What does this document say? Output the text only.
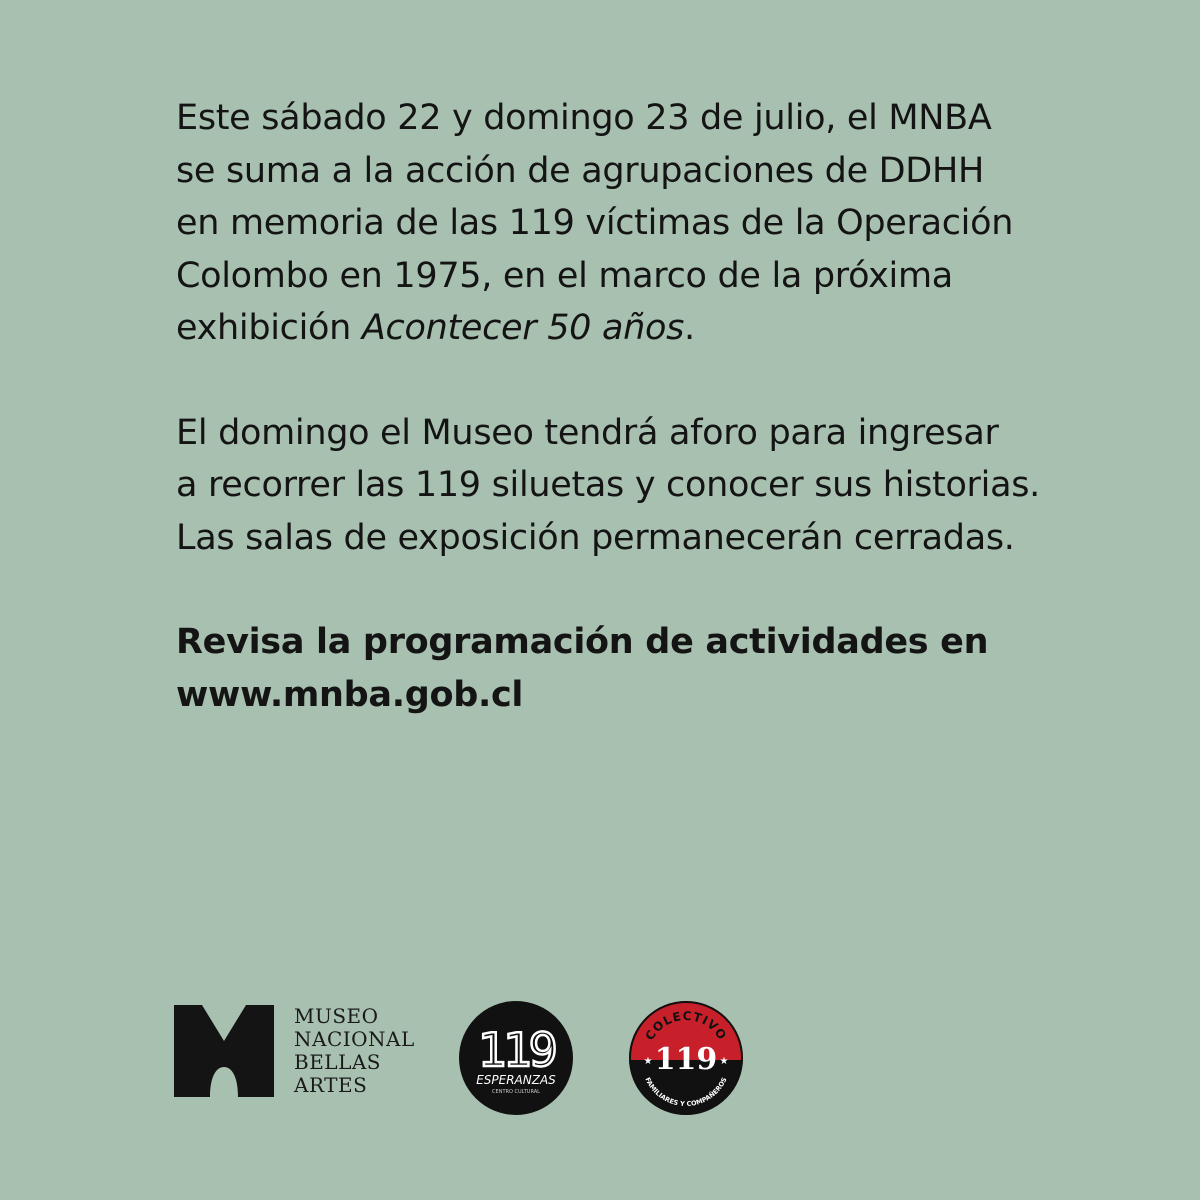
Este sábado 22 y domingo 23 de julio, el MNBA
se suma a la acción de agrupaciones de DDHH
en memoria de las 119 víctimas de la Operación
Colombo en 1975, en el marco de la próxima
exhibición Acontecer 50 años.

El domingo el Museo tendrá aforo para ingresar
a recorrer las 119 siluetas y conocer sus historias.
Las salas de exposición permanecerán cerradas.

Revisa la programación de actividades en
www.mnba.gob.cl

MUSEO
NACIONAL
BELLAS
ARTES
119
ESPERANZAS
CENTRO CULTURAL
COLECTIVO
119
★	★
FAMILIARES Y COMPAÑEROS
